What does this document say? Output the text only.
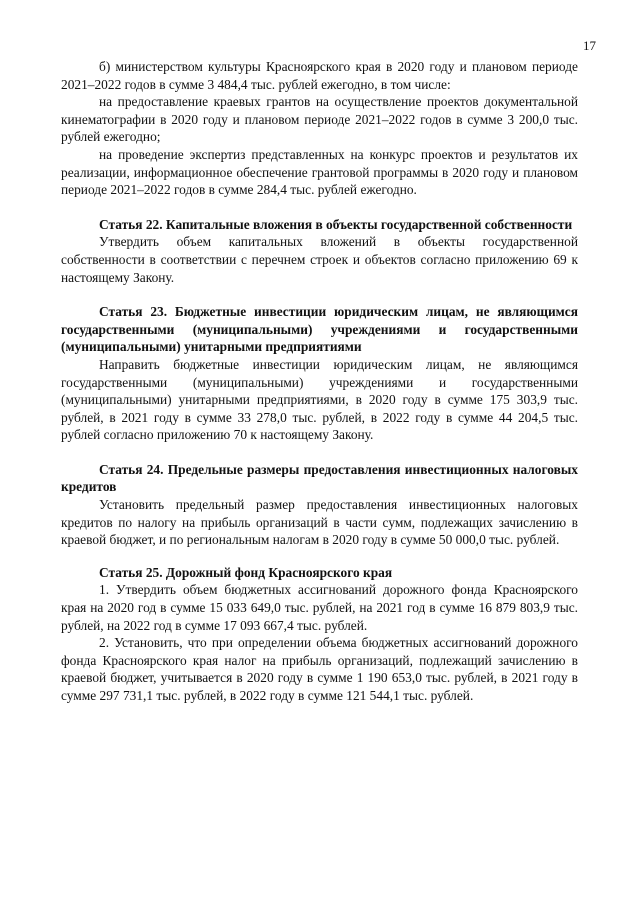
17

б) министерством культуры Красноярского края в 2020 году и плановом периоде 2021–2022 годов в сумме 3 484,4 тыс. рублей ежегодно, в том числе:

на предоставление краевых грантов на осуществление проектов документальной кинематографии в 2020 году и плановом периоде 2021–2022 годов в сумме 3 200,0 тыс. рублей ежегодно;

на проведение экспертиз представленных на конкурс проектов и результатов их реализации, информационное обеспечение грантовой программы в 2020 году и плановом периоде 2021–2022 годов в сумме 284,4 тыс. рублей ежегодно.

Статья 22. Капитальные вложения в объекты государственной собственности

Утвердить объем капитальных вложений в объекты государственной собственности в соответствии с перечнем строек и объектов согласно приложению 69 к настоящему Закону.

Статья 23. Бюджетные инвестиции юридическим лицам, не являющимся государственными (муниципальными) учреждениями и государственными (муниципальными) унитарными предприятиями

Направить бюджетные инвестиции юридическим лицам, не являющимся государственными (муниципальными) учреждениями и государственными (муниципальными) унитарными предприятиями, в 2020 году в сумме 175 303,9 тыс. рублей, в 2021 году в сумме 33 278,0 тыс. рублей, в 2022 году в сумме 44 204,5 тыс. рублей согласно приложению 70 к настоящему Закону.

Статья 24. Предельные размеры предоставления инвестиционных налоговых кредитов

Установить предельный размер предоставления инвестиционных налоговых кредитов по налогу на прибыль организаций в части сумм, подлежащих зачислению в краевой бюджет, и по региональным налогам в 2020 году в сумме 50 000,0 тыс. рублей.

Статья 25. Дорожный фонд Красноярского края

1. Утвердить объем бюджетных ассигнований дорожного фонда Красноярского края на 2020 год в сумме 15 033 649,0 тыс. рублей, на 2021 год в сумме 16 879 803,9 тыс. рублей, на 2022 год в сумме 17 093 667,4 тыс. рублей.

2. Установить, что при определении объема бюджетных ассигнований дорожного фонда Красноярского края налог на прибыль организаций, подлежащий зачислению в краевой бюджет, учитывается в 2020 году в сумме 1 190 653,0 тыс. рублей, в 2021 году в сумме 297 731,1 тыс. рублей, в 2022 году в сумме 121 544,1 тыс. рублей.
